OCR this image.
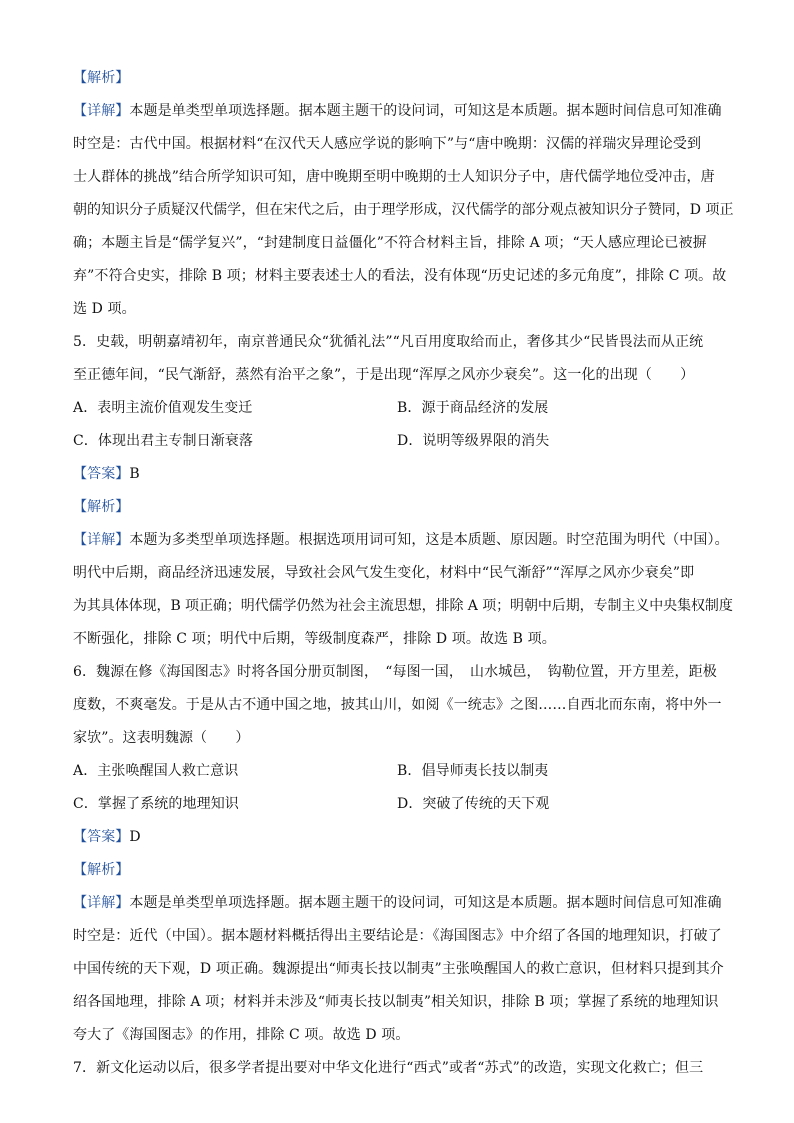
【解析】
【详解】本题是单类型单项选择题。据本题主题干的设问词，可知这是本质题。据本题时间信息可知准确
时空是：古代中国。根据材料“在汉代天人感应学说的影响下”与“唐中晚期：汉儒的祥瑞灾异理论受到
士人群体的挑战”结合所学知识可知，唐中晚期至明中晚期的士人知识分子中，唐代儒学地位受冲击，唐
朝的知识分子质疑汉代儒学，但在宋代之后，由于理学形成，汉代儒学的部分观点被知识分子赞同，D 项正
确；本题主旨是“儒学复兴”，“封建制度日益僵化”不符合材料主旨，排除 A 项；“天人感应理论已被摒
弃”不符合史实，排除 B 项；材料主要表述士人的看法，没有体现“历史记述的多元角度”，排除 C 项。故
选 D 项。
5．史载，明朝嘉靖初年，南京普通民众“犹循礼法”“凡百用度取给而止，奢侈其少“民皆畏法而从正统
至正德年间，“民气渐舒，蒸然有治平之象”，于是出现“浑厚之风亦少衰矣”。这一化的出现（　　）
A．表明主流价值观发生变迁	B．源于商品经济的发展
C．体现出君主专制日渐衰落	D．说明等级界限的消失
【答案】B
【解析】
【详解】本题为多类型单项选择题。根据选项用词可知，这是本质题、原因题。时空范围为明代（中国）。
明代中后期，商品经济迅速发展，导致社会风气发生变化，材料中“民气渐舒”“浑厚之风亦少衰矣”即
为其具体体现，B 项正确；明代儒学仍然为社会主流思想，排除 A 项；明朝中后期，专制主义中央集权制度
不断强化，排除 C 项；明代中后期，等级制度森严，排除 D 项。故选 B 项。
6．魏源在修《海国图志》时将各国分册页制图，　“每图一国，　山水城邑，　钩勒位置，开方里差，距极
度数，不爽毫发。于是从古不通中国之地，披其山川，如阅《一统志》之图……自西北而东南，将中外一
家欤”。这表明魏源（　　）
A．主张唤醒国人救亡意识	B．倡导师夷长技以制夷
C．掌握了系统的地理知识	D．突破了传统的天下观
【答案】D
【解析】
【详解】本题是单类型单项选择题。据本题主题干的设问词，可知这是本质题。据本题时间信息可知准确
时空是：近代（中国）。据本题材料概括得出主要结论是：《海国图志》中介绍了各国的地理知识，打破了
中国传统的天下观，D 项正确。魏源提出“师夷长技以制夷”主张唤醒国人的救亡意识，但材料只提到其介
绍各国地理，排除 A 项；材料并未涉及“师夷长技以制夷”相关知识，排除 B 项；掌握了系统的地理知识
夸大了《海国图志》的作用，排除 C 项。故选 D 项。
7．新文化运动以后，很多学者提出要对中华文化进行“西式”或者“苏式”的改造，实现文化救亡；但三
